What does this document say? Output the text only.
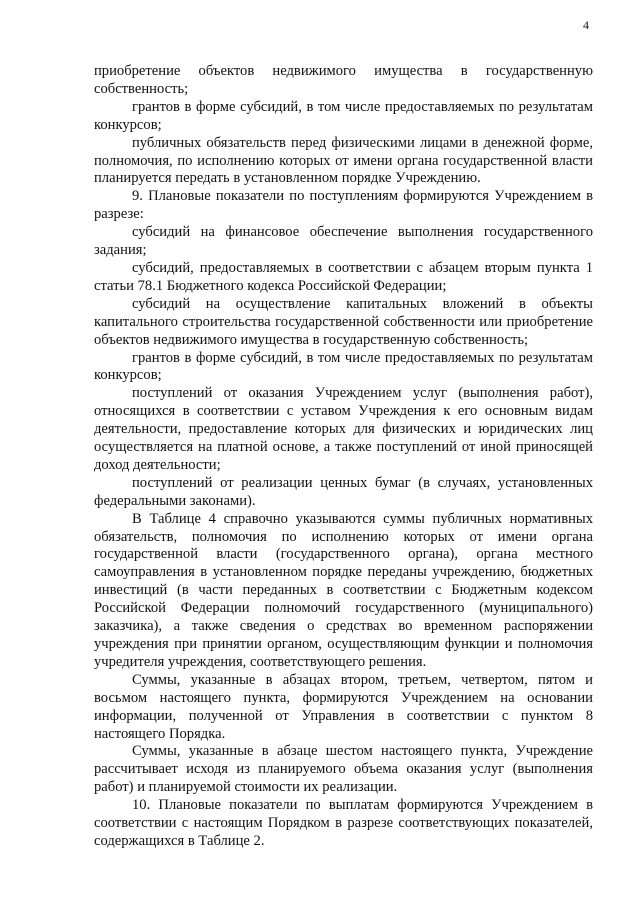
4

приобретение объектов недвижимого имущества в государственную собственность;

грантов в форме субсидий, в том числе предоставляемых по результатам конкурсов;

публичных обязательств перед физическими лицами в денежной форме, полномочия, по исполнению которых от имени органа государственной власти планируется передать в установленном порядке Учреждению.

9. Плановые показатели по поступлениям формируются Учреждением в разрезе:

субсидий на финансовое обеспечение выполнения государственного задания;

субсидий, предоставляемых в соответствии с абзацем вторым пункта 1 статьи 78.1 Бюджетного кодекса Российской Федерации;

субсидий на осуществление капитальных вложений в объекты капитального строительства государственной собственности или приобретение объектов недвижимого имущества в государственную собственность;

грантов в форме субсидий, в том числе предоставляемых по результатам конкурсов;

поступлений от оказания Учреждением услуг (выполнения работ), относящихся в соответствии с уставом Учреждения к его основным видам деятельности, предоставление которых для физических и юридических лиц осуществляется на платной основе, а также поступлений от иной приносящей доход деятельности;

поступлений от реализации ценных бумаг (в случаях, установленных федеральными законами).

В Таблице 4 справочно указываются суммы публичных нормативных обязательств, полномочия по исполнению которых от имени органа государственной власти (государственного органа), органа местного самоуправления в установленном порядке переданы учреждению, бюджетных инвестиций (в части переданных в соответствии с Бюджетным кодексом Российской Федерации полномочий государственного (муниципального) заказчика), а также сведения о средствах во временном распоряжении учреждения при принятии органом, осуществляющим функции и полномочия учредителя учреждения, соответствующего решения.

Суммы, указанные в абзацах втором, третьем, четвертом, пятом и восьмом настоящего пункта, формируются Учреждением на основании информации, полученной от Управления в соответствии с пунктом 8 настоящего Порядка.

Суммы, указанные в абзаце шестом настоящего пункта, Учреждение рассчитывает исходя из планируемого объема оказания услуг (выполнения работ) и планируемой стоимости их реализации.

10. Плановые показатели по выплатам формируются Учреждением в соответствии с настоящим Порядком в разрезе соответствующих показателей, содержащихся в Таблице 2.
